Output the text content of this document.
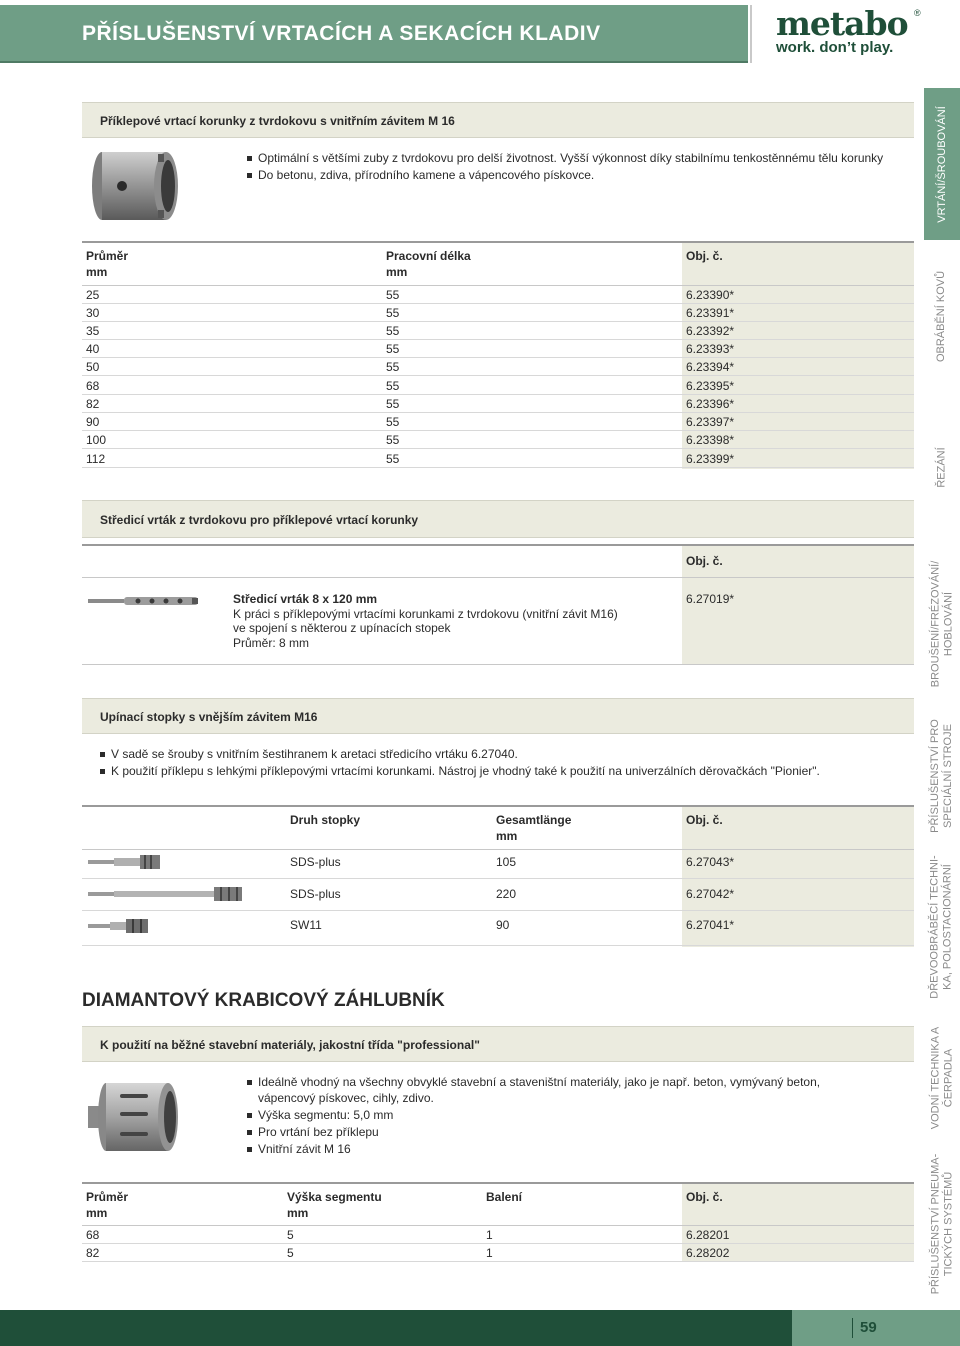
PŘÍSLUŠENSTVÍ VRTACÍCH A SEKACÍCH KLADIV	metabo ®
work. don’t play.
VRTÁNÍ/ŠROUBOVÁNÍ
OBRÁBĚNÍ KOVŮ
ŘEZÁNÍ
BROUŠENÍ/FRÉZOVÁNÍ/
HOBLOVÁNÍ
PŘÍSLUŠENSTVÍ PRO
SPECIÁLNÍ STROJE
DŘEVOOBRÁBĚCÍ TECHNI-
KA, POLOSTACIONÁRNÍ
VODNÍ TECHNIKA A
ČERPADLA
PŘÍSLUŠENSTVÍ PNEUMA-
TICKÝCH SYSTÉMŮ
Příklepové vrtací korunky z tvrdokovu s vnitřním závitem M 16
Optimální s většími zuby z tvrdokovu pro delší životnost. Vyšší výkonnost díky stabilnímu tenkostěnnému tělu korunky
Do betonu, zdiva, přírodního kamene a vápencového pískovce.
Průměr
mm
Pracovní délka
mm
Obj. č.
25	55	6.23390*
30	55	6.23391*
35	55	6.23392*
40	55	6.23393*
50	55	6.23394*
68	55	6.23395*
82	55	6.23396*
90	55	6.23397*
100	55	6.23398*
112	55	6.23399*
Středicí vrták z tvrdokovu pro příklepové vrtací korunky
Obj. č.
Středicí vrták 8 x 120 mm
K práci s příklepovými vrtacími korunkami z tvrdokovu (vnitřní závit M16)
ve spojení s některou z upínacích stopek
Průměr: 8 mm
6.27019*
Upínací stopky s vnějším závitem M16
V sadě se šrouby s vnitřním šestihranem k aretaci středicího vrtáku 6.27040.
K použití příklepu s lehkými příklepovými vrtacími korunkami. Nástroj je vhodný také k použití na univerzálních děrovačkách "Pionier".
Druh stopky	Gesamtlänge
mm
Obj. č.
SDS-plus	105	6.27043*
SDS-plus	220	6.27042*
SW11	90	6.27041*
DIAMANTOVÝ KRABICOVÝ ZÁHLUBNÍK
K použití na běžné stavební materiály, jakostní třída "professional"
Ideálně vhodný na všechny obvyklé stavební a staveništní materiály, jako je např. beton, vymývaný beton, vápencový pískovec, cihly, zdivo.
Výška segmentu: 5,0 mm
Pro vrtání bez příklepu
Vnitřní závit M 16
Průměr
mm
Výška segmentu
mm
Balení	Obj. č.
68	5	1	6.28201
82	5	1	6.28202
59
